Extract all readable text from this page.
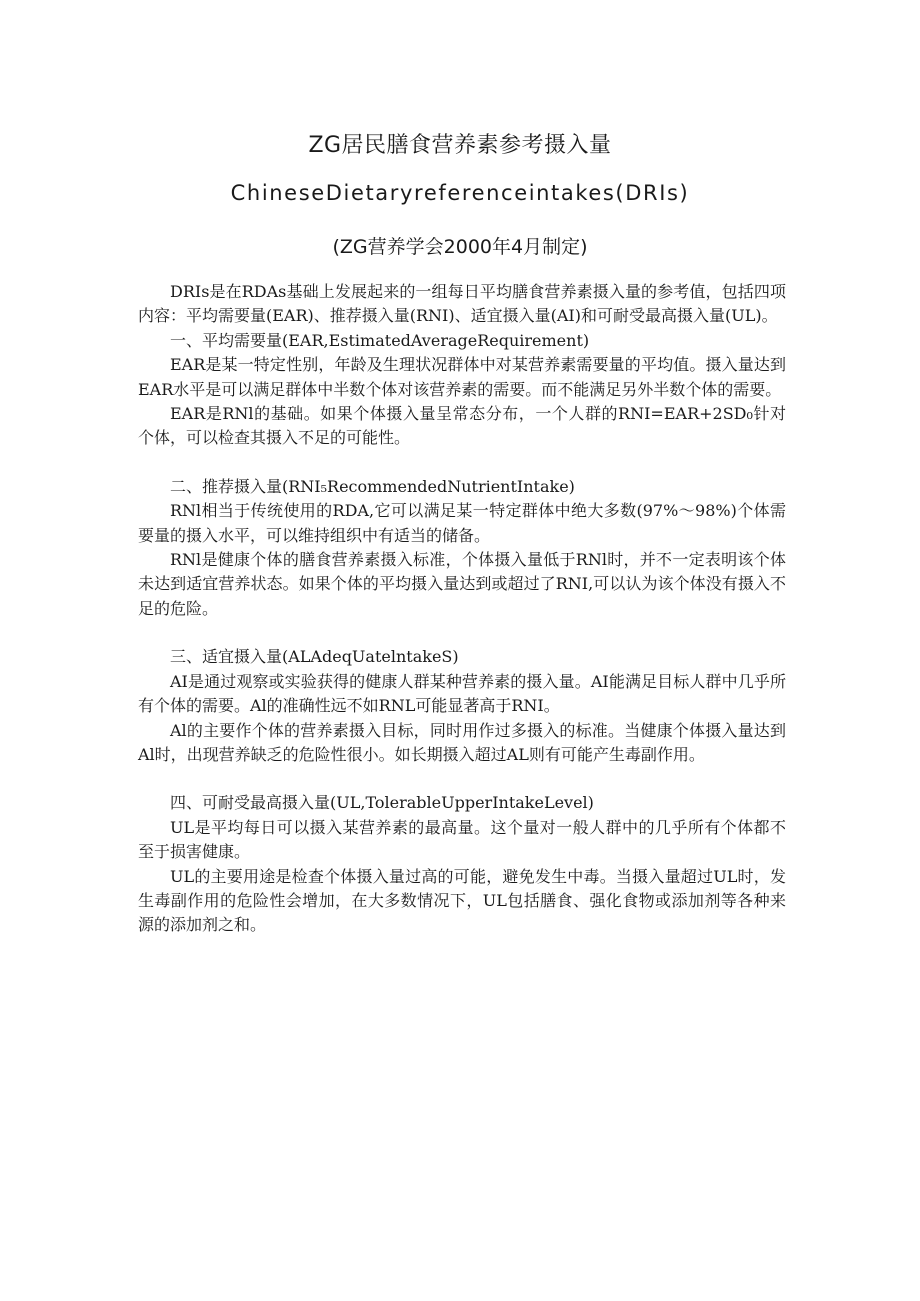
ZG居民膳食营养素参考摄入量
ChineseDietaryreferenceintakes(DRIs)
(ZG营养学会2000年4月制定)

DRIs是在RDAs基础上发展起来的一组每日平均膳食营养素摄入量的参考值，包括四项内容：平均需要量(EAR)、推荐摄入量(RNI)、适宜摄入量(AI)和可耐受最高摄入量(UL)。

一、平均需要量(EAR,EstimatedAverageRequirement)

EAR是某一特定性别，年龄及生理状况群体中对某营养素需要量的平均值。摄入量达到EAR水平是可以满足群体中半数个体对该营养素的需要。而不能满足另外半数个体的需要。

EAR是RNl的基础。如果个体摄入量呈常态分布，一个人群的RNI=EAR+2SD₀针对个体，可以检查其摄入不足的可能性。

二、推荐摄入量(RNI₅RecommendedNutrientIntake)

RNl相当于传统使用的RDA,它可以满足某一特定群体中绝大多数(97%～98%)个体需要量的摄入水平，可以维持组织中有适当的储备。

RNl是健康个体的膳食营养素摄入标准，个体摄入量低于RNl时，并不一定表明该个体未达到适宜营养状态。如果个体的平均摄入量达到或超过了RNI,可以认为该个体没有摄入不足的危险。

三、适宜摄入量(ALAdeqUatelntakeS)

AI是通过观察或实验获得的健康人群某种营养素的摄入量。AI能满足目标人群中几乎所有个体的需要。Al的准确性远不如RNL可能显著高于RNI。

Al的主要作个体的营养素摄入目标，同时用作过多摄入的标准。当健康个体摄入量达到Al时，出现营养缺乏的危险性很小。如长期摄入超过AL则有可能产生毒副作用。

四、可耐受最高摄入量(UL,TolerableUpperIntakeLevel)

UL是平均每日可以摄入某营养素的最高量。这个量对一般人群中的几乎所有个体都不至于损害健康。

UL的主要用途是检查个体摄入量过高的可能，避免发生中毒。当摄入量超过UL时，发生毒副作用的危险性会增加，在大多数情况下，UL包括膳食、强化食物或添加剂等各种来源的添加剂之和。
